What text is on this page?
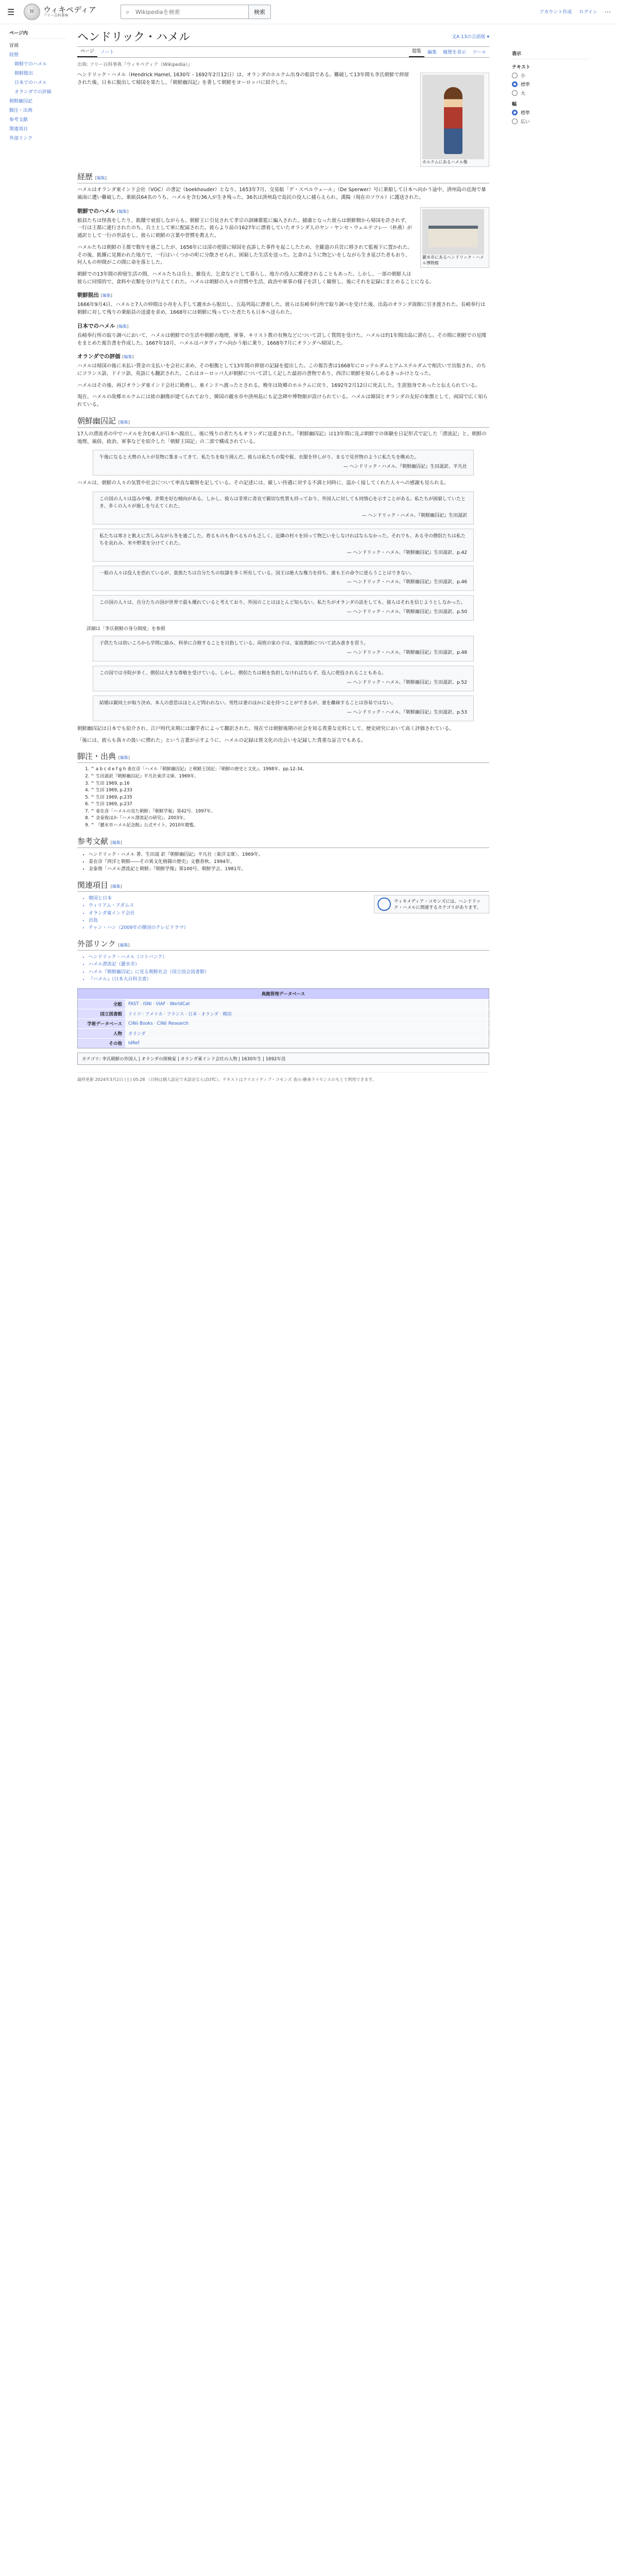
☰	W	ウィキペディア
フリー百科事典
⌕
Wikipediaを検索	検索	アカウント作成 ログイン ⋯
ページ内
冒頭
経歴
朝鮮でのハメル
朝鮮脱出
日本でのハメル
オランダでの評価
朝鮮幽囚記
脚注・出典
参考文献
関連項目
外部リンク
ヘンドリック・ハメル	文A 13の言語版 ▾
ページ	ノート	閲覧	編集	履歴を表示	ツール
出典: フリー百科事典『ウィキペディア（Wikipedia）』
ホルクムにあるハメル像

ヘンドリック・ハメル（Hendrick Hamel, 1630年 - 1692年2月12日）は、オランダのホルクム出身の船員である。難破して13年間も李氏朝鮮で抑留された後、日本に脱出して帰国を果たし、『朝鮮幽囚記』を著して朝鮮をヨーロッパに紹介した。

経歴 [編集]

ハメルはオランダ東インド会社（VOC）の書記（boekhouder）となり、1653年7月、交易船「デ・スペルウェール」（De Sperwer）号に乗船して日本へ向かう途中、済州島の近海で暴風雨に遭い難破した。乗組員64名のうち、ハメルを含む36人が生き残った。36名は済州島で島民の役人に捕らえられ、漢陽（現在のソウル）に護送された。

麗水市にあるヘンドリック・ハメル博物館
朝鮮でのハメル [編集]

船員たちは怪我をしたり、飢餓で衰弱しながらも、朝鮮王に引見されて孝宗の訓練都監に編入された。捕虜となった彼らは朝鮮側から帰国を許されず、一行は王都に連行されたのち、兵士として軍に配属された。彼らより前の1627年に漂着していたオランダ人のヤン・ヤンセ・ウェルテフレー（朴燕）が通訳として一行の世話をし、彼らに朝鮮の言葉や習慣を教えた。

ハメルたちは朝鮮の王都で数年を過ごしたが、1656年には清の使節に帰国を直訴した事件を起こしたため、全羅道の兵営に移されて監視下に置かれた。その後、飢饉に見舞われた地方で、一行はいくつかの町に分散させられ、困窮した生活を送った。乞食のように物乞いをしながら生き延びた者もおり、何人もの仲間がこの間に命を落とした。

朝鮮での13年間の抑留生活の間、ハメルたちは兵士、雑役夫、乞食などとして暮らし、地方の役人に酷使されることもあった。しかし、一部の朝鮮人は彼らに同情的で、食料や衣類を分け与えてくれた。ハメルは朝鮮の人々の習慣や生活、政治や軍事の様子を詳しく観察し、後にそれを記録にまとめることになる。

朝鮮脱出 [編集]

1666年9月4日、ハメルと7人の仲間は小舟を入手して麗水から脱出し、五島列島に漂着した。彼らは長崎奉行所で取り調べを受けた後、出島のオランダ商館に引き渡された。長崎奉行は朝鮮に対して残りの乗組員の送還を求め、1668年には朝鮮に残っていた者たちも日本へ送られた。

日本でのハメル [編集]

長崎奉行所の取り調べにおいて、ハメルは朝鮮での生活や朝鮮の地理、軍事、キリスト教の有無などについて詳しく質問を受けた。ハメルは約1年間出島に滞在し、その間に朝鮮での見聞をまとめた報告書を作成した。1667年10月、ハメルはバタヴィアへ向かう船に乗り、1668年7月にオランダへ帰国した。

オランダでの評価 [編集]

ハメルは帰国の後に未払い賃金の支払いを会社に求め、その根拠として13年間の抑留の記録を提出した。この報告書は1668年にロッテルダムとアムステルダムで相次いで出版され、のちにフランス語、ドイツ語、英語にも翻訳された。これはヨーロッパ人が朝鮮について詳しく記した最初の書物であり、西洋に朝鮮を知らしめるきっかけとなった。

ハメルはその後、再びオランダ東インド会社に勤務し、東インドへ渡ったとされる。晩年は故郷のホルクムに戻り、1692年2月12日に死去した。生涯独身であったと伝えられている。

現在、ハメルの故郷ホルクムには彼の銅像が建てられており、韓国の麗水市や済州島にも記念碑や博物館が設けられている。ハメルは韓国とオランダの友好の象徴として、両国で広く知られている。

朝鮮幽囚記 [編集]

17人の漂流者の中でハメルを含む8人が日本へ脱出し、後に残りの者たちもオランダに送還された。『朝鮮幽囚記』は13年間に及ぶ朝鮮での体験を日記形式で記した「漂流記」と、朝鮮の地理、風俗、政治、軍事などを紹介した「朝鮮王国記」の二部で構成されている。

午後になると大勢の人々が見物に集まってきて、私たちを取り囲んだ。彼らは私たちの髪や髭、衣服を珍しがり、まるで見世物のように私たちを眺めた。
— ヘンドリック・ハメル、『朝鮮幽囚記』生田滋訳、平凡社

ハメルは、朝鮮の人々の気質や社会について率直な観察を記している。その記述には、厳しい待遇に対する不満と同時に、温かく接してくれた人々への感謝も見られる。

この国の人々は盗みや嘘、詐欺を好む傾向がある。しかし、彼らは非常に善良で親切な性質も持っており、外国人に対しても同情心を示すことがある。私たちが困窮していたとき、多くの人々が施しを与えてくれた。
— ヘンドリック・ハメル、『朝鮮幽囚記』生田滋訳
私たちは寒さと飢えに苦しみながら冬を過ごした。着るものも食べるものも乏しく、近隣の村々を回って物乞いをしなければならなかった。それでも、ある寺の僧侶たちは私たちを哀れみ、米や野菜を分けてくれた。
— ヘンドリック・ハメル、『朝鮮幽囚記』生田滋訳、p.42
一般の人々は役人を恐れているが、貴族たちは自分たちの奴隷を多く所有している。国王は絶大な権力を持ち、誰も王の命令に逆らうことはできない。
— ヘンドリック・ハメル、『朝鮮幽囚記』生田滋訳、p.46
この国の人々は、自分たちの国が世界で最も優れていると考えており、外国のことはほとんど知らない。私たちがオランダの話をしても、彼らはそれを信じようとしなかった。
— ヘンドリック・ハメル、『朝鮮幽囚記』生田滋訳、p.50
詳細は「李氏朝鮮の身分制度」を参照
子供たちは幼いころから学問に励み、科挙に合格することを目指している。両班の家の子は、家庭教師について読み書きを習う。
— ヘンドリック・ハメル、『朝鮮幽囚記』生田滋訳、p.48
この国では寺院が多く、僧侶は大きな尊敬を受けている。しかし、僧侶たちは税を負担しなければならず、役人に使役されることもある。
— ヘンドリック・ハメル、『朝鮮幽囚記』生田滋訳、p.52
結婚は親同士が取り決め、本人の意思はほとんど問われない。男性は妻のほかに妾を持つことができるが、妻を離縁することは容易ではない。
— ヘンドリック・ハメル、『朝鮮幽囚記』生田滋訳、p.53

朝鮮幽囚記は日本でも紹介され、江戸時代末期には蘭学者によって翻訳された。現在では朝鮮後期の社会を知る貴重な史料として、歴史研究において高く評価されている。

「後には、彼らも我々の扱いに慣れた」という言葉が示すように、ハメルの記録は異文化の出会いを記録した貴重な証言でもある。

脚注・出典 [編集]
1. ^ a b c d e f g h 姜在彦「ハメル『朝鮮幽囚記』と朝鮮王国記」『朝鮮の歴史と文化』、1998年、pp.12-34。
2. ^ 生田滋訳『朝鮮幽囚記』平凡社東洋文庫、1969年。
3. ^ 生田 1969, p.16
4. ^ 生田 1969, p.233
5. ^ 生田 1969, p.235
6. ^ 生田 1969, p.237
7. ^ 姜在彦「ハメルの見た朝鮮」『朝鮮学報』第42号、1997年。
8. ^ 金泰俊ほか『ハメル漂流記の研究』、2003年。
9. ^ 『麗水市ハメル記念館』公式サイト。2010年閲覧。
参考文献 [編集]
• ヘンドリック・ハメル 著、生田滋 訳『朝鮮幽囚記』平凡社〈東洋文庫〉、1969年。
• 姜在彦『西洋と朝鮮――その異文化格闘の歴史』文藝春秋、1994年。
• 金泰俊「ハメル漂流記と朝鮮」『朝鮮学報』第100号、朝鮮学会、1981年。
関連項目 [編集]
ウィキメディア・コモンズには、ヘンドリック・ハメルに関連するカテゴリがあります。
• 韓国と日本
• ウィリアム・アダムス
• オランダ東インド会社
• 出島
• チャン・ハン（2009年の韓国のテレビドラマ）
外部リンク [編集]
• ヘンドリック・ハメル（コトバンク）
• ハメル漂流記（麗水市）
• ハメル『朝鮮幽囚記』に見る朝鮮社会（国立国会図書館）
• 『ハメル』（日本大百科全書）
典拠管理データベース	
全般	FAST · ISNI · VIAF · WorldCat
国立図書館	ドイツ · アメリカ · フランス · 日本 · オランダ · 韓国
学術データベース	CiNii Books · CiNii Research
人物	オランダ
その他	IdRef
カテゴリ: 李氏朝鮮の外国人 | オランダの探検家 | オランダ東インド会社の人物 | 1630年生 | 1692年没
最終更新 2024年3月2日 (土) 05:28 （日時は個人設定で未設定ならばUTC）。テキストはクリエイティブ・コモンズ 表示-継承ライセンスのもとで利用できます。
表示
テキスト
小
標準
大
幅
標準
広い
